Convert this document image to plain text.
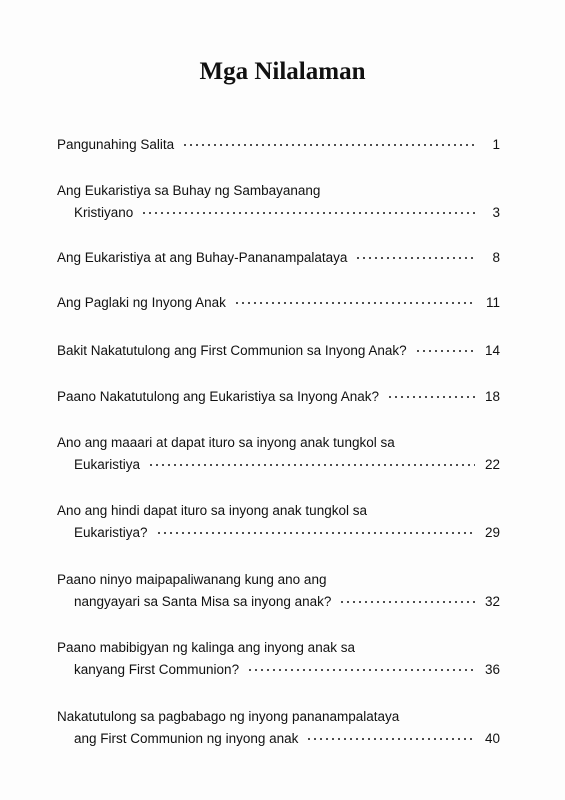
Mga Nilalaman
Pangunahing Salita	1
Ang Eukaristiya sa Buhay ng Sambayanang
Kristiyano	3
Ang Eukaristiya at ang Buhay-Pananampalataya	8
Ang Paglaki ng Inyong Anak	11
Bakit Nakatutulong ang First Communion sa Inyong Anak?	14
Paano Nakatutulong ang Eukaristiya sa Inyong Anak?	18
Ano ang maaari at dapat ituro sa inyong anak tungkol sa
Eukaristiya	22
Ano ang hindi dapat ituro sa inyong anak tungkol sa
Eukaristiya?	29
Paano ninyo maipapaliwanang kung ano ang
nangyayari sa Santa Misa sa inyong anak?	32
Paano mabibigyan ng kalinga ang inyong anak sa
kanyang First Communion?	36
Nakatutulong sa pagbabago ng inyong pananampalataya
ang First Communion ng inyong anak	40
